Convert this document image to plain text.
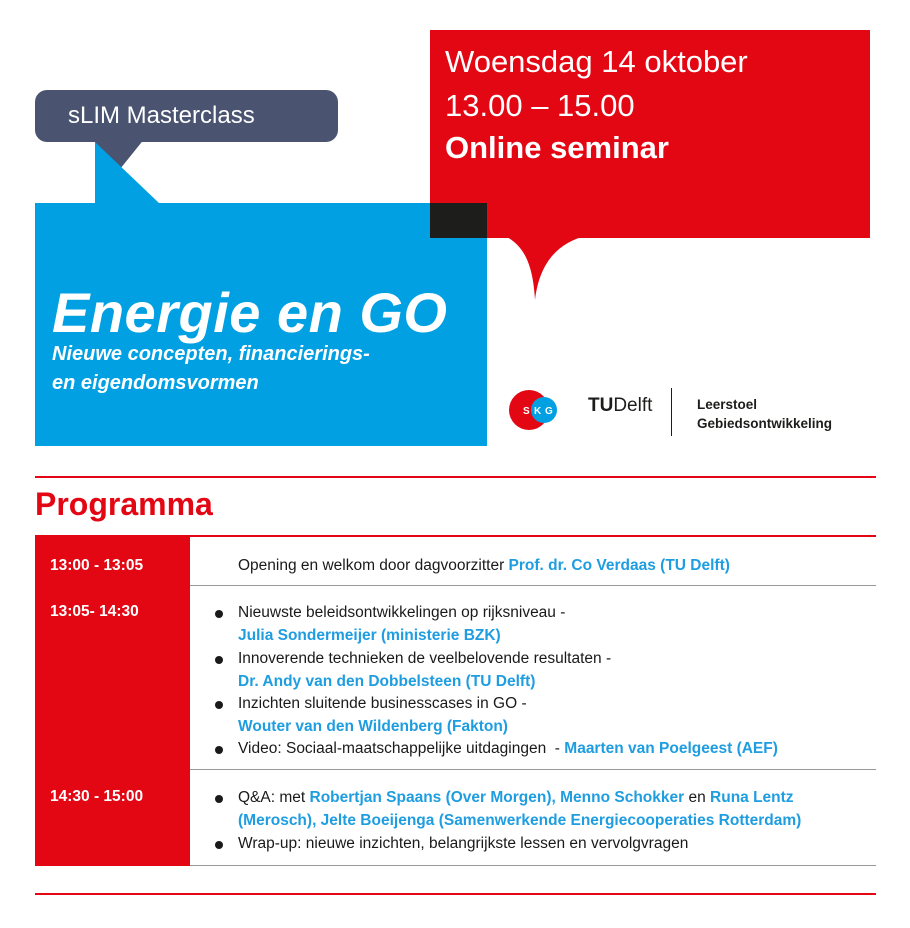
sLIM Masterclass
Woensdag 14 oktober
13.00 – 15.00
Online seminar
Energie en GO
Nieuwe concepten, financierings-
en eigendomsvormen
S K G TUDelft	Leerstoel
Gebiedsontwikkeling
Programma
13:00 - 13:05
13:05- 14:30
14:30 - 15:00
Opening en welkom door dagvoorzitter Prof. dr. Co Verdaas (TU Delft)
Nieuwste beleidsontwikkelingen op rijksniveau -
Julia Sondermeijer (ministerie BZK)
Innoverende technieken de veelbelovende resultaten -
Dr. Andy van den Dobbelsteen (TU Delft)
Inzichten sluitende businesscases in GO -
Wouter van den Wildenberg (Fakton)
Video: Sociaal-maatschappelijke uitdagingen  - Maarten van Poelgeest (AEF)
Q&A: met Robertjan Spaans (Over Morgen), Menno Schokker en Runa Lentz
(Merosch), Jelte Boeijenga (Samenwerkende Energiecooperaties Rotterdam)
Wrap-up: nieuwe inzichten, belangrijkste lessen en vervolgvragen
